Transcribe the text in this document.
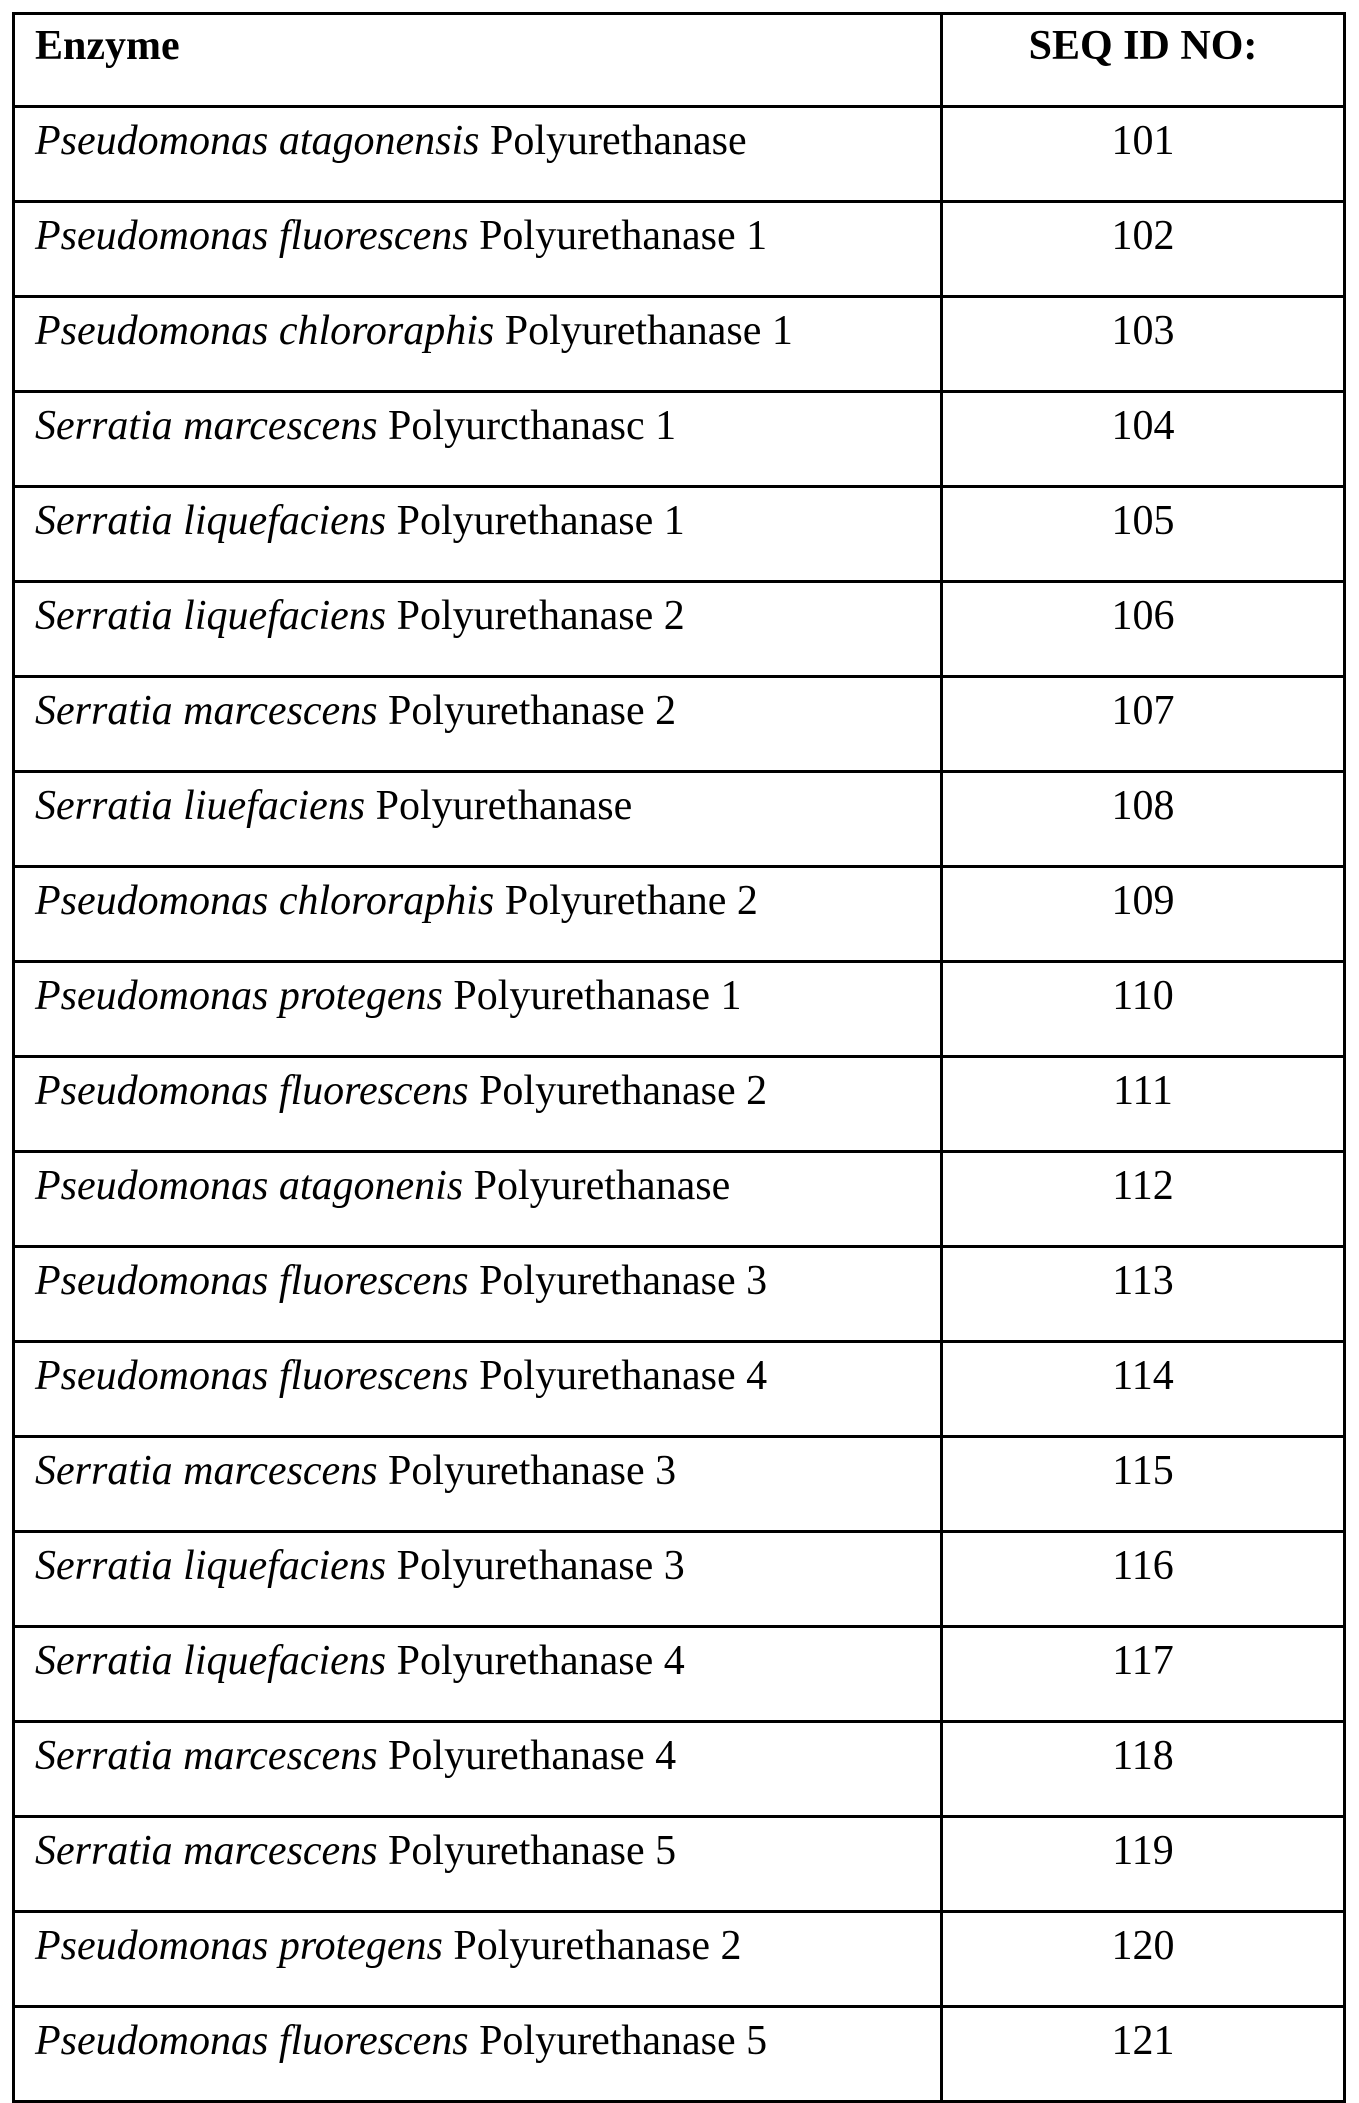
Enzyme	SEQ ID NO:
Pseudomonas atagonensis Polyurethanase	101
Pseudomonas fluorescens Polyurethanase 1	102
Pseudomonas chlororaphis Polyurethanase 1	103
Serratia marcescens Polyurcthanasc 1	104
Serratia liquefaciens Polyurethanase 1	105
Serratia liquefaciens Polyurethanase 2	106
Serratia marcescens Polyurethanase 2	107
Serratia liuefaciens Polyurethanase	108
Pseudomonas chlororaphis Polyurethane 2	109
Pseudomonas protegens Polyurethanase 1	110
Pseudomonas fluorescens Polyurethanase 2	111
Pseudomonas atagonenis Polyurethanase	112
Pseudomonas fluorescens Polyurethanase 3	113
Pseudomonas fluorescens Polyurethanase 4	114
Serratia marcescens Polyurethanase 3	115
Serratia liquefaciens Polyurethanase 3	116
Serratia liquefaciens Polyurethanase 4	117
Serratia marcescens Polyurethanase 4	118
Serratia marcescens Polyurethanase 5	119
Pseudomonas protegens Polyurethanase 2	120
Pseudomonas fluorescens Polyurethanase 5	121
